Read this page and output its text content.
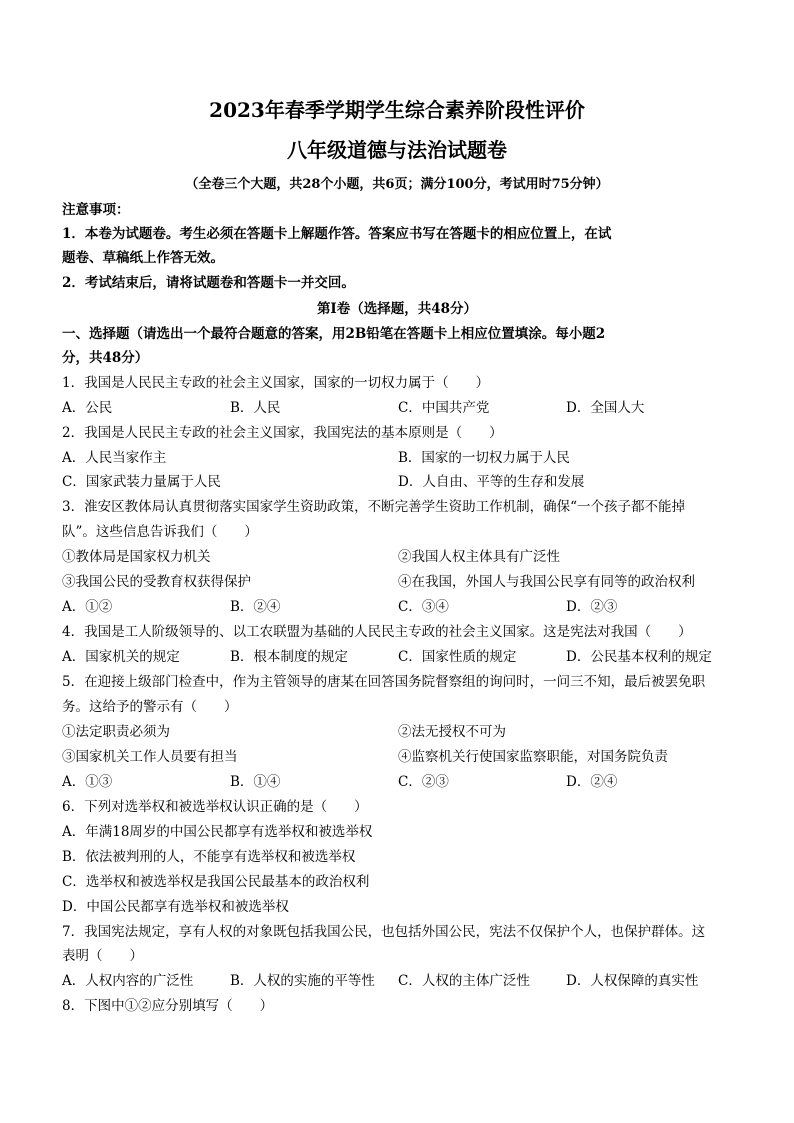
2023年春季学期学生综合素养阶段性评价
八年级道德与法治试题卷
（全卷三个大题，共28个小题，共6页；满分100分，考试用时75分钟）
注意事项：
1．本卷为试题卷。考生必须在答题卡上解题作答。答案应书写在答题卡的相应位置上，在试
题卷、草稿纸上作答无效。
2．考试结束后，请将试题卷和答题卡一并交回。
第Ⅰ卷（选择题，共48分）
一、选择题（请选出一个最符合题意的答案，用2B铅笔在答题卡上相应位置填涂。每小题2
分，共48分）
1．我国是人民民主专政的社会主义国家，国家的一切权力属于（　　）
A．公民	B．人民	C．中国共产党	D．全国人大
2．我国是人民民主专政的社会主义国家，我国宪法的基本原则是（　　）
A．人民当家作主	B．国家的一切权力属于人民
C．国家武装力量属于人民	D．人自由、平等的生存和发展
3．淮安区教体局认真贯彻落实国家学生资助政策，不断完善学生资助工作机制，确保“一个孩子都不能掉
队”。这些信息告诉我们（　　）
①教体局是国家权力机关	②我国人权主体具有广泛性
③我国公民的受教育权获得保护	④在我国，外国人与我国公民享有同等的政治权利
A．①②	B．②④	C．③④	D．②③
4．我国是工人阶级领导的、以工农联盟为基础的人民民主专政的社会主义国家。这是宪法对我国（　　）
A．国家机关的规定	B．根本制度的规定	C．国家性质的规定	D．公民基本权利的规定
5．在迎接上级部门检查中，作为主管领导的唐某在回答国务院督察组的询问时，一问三不知，最后被罢免职
务。这给予的警示有（　　）
①法定职责必须为	②法无授权不可为
③国家机关工作人员要有担当	④监察机关行使国家监察职能，对国务院负责
A．①③	B．①④	C．②③	D．②④
6．下列对选举权和被选举权认识正确的是（　　）
A．年满18周岁的中国公民都享有选举权和被选举权
B．依法被判刑的人，不能享有选举权和被选举权
C．选举权和被选举权是我国公民最基本的政治权利
D．中国公民都享有选举权和被选举权
7．我国宪法规定，享有人权的对象既包括我国公民，也包括外国公民，宪法不仅保护个人，也保护群体。这
表明（　　）
A．人权内容的广泛性	B．人权的实施的平等性 C．人权的主体广泛性	D．人权保障的真实性
8．下图中①②应分别填写（　　）
